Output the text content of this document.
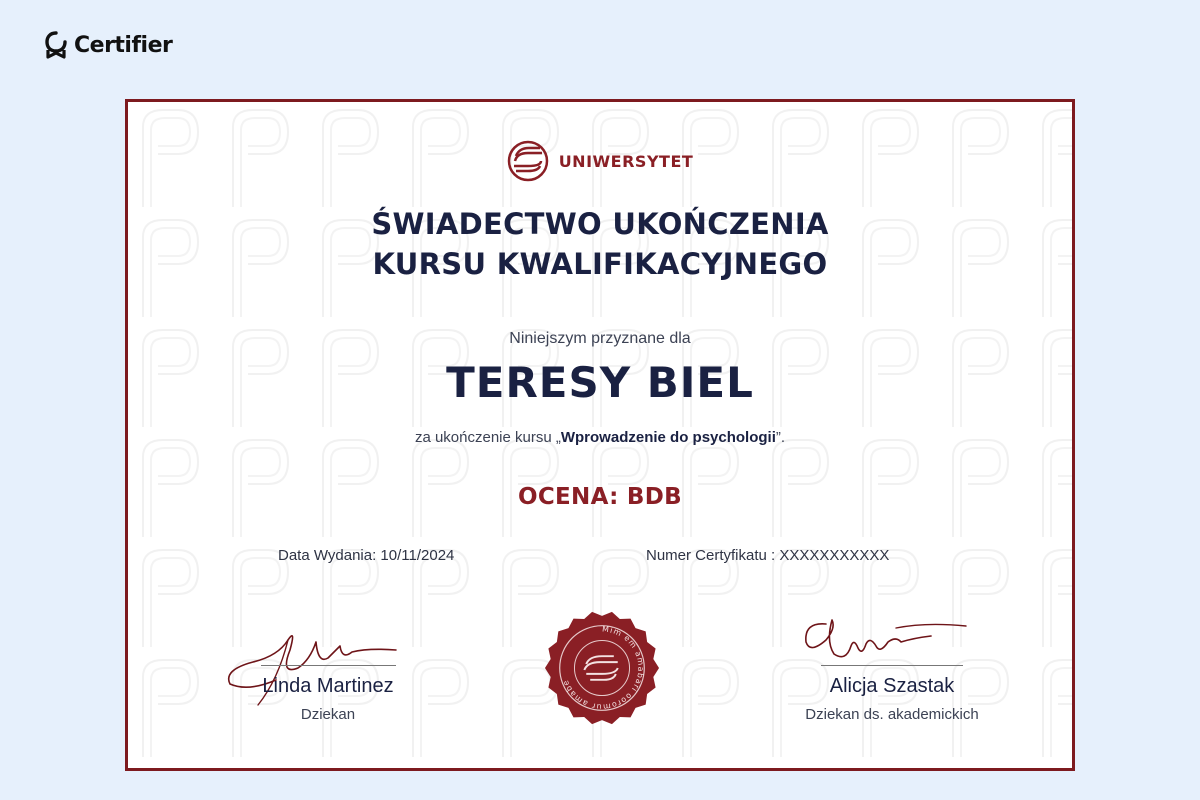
Certifier
UNIWERSYTET
ŚWIADECTWO UKOŃCZENIA
KURSU KWALIFIKACYJNEGO
Niniejszym przyznane dla
TERESY BIEL
za ukończenie kursu „Wprowadzenie do psychologii”.
OCENA: BDB
Data Wydania: 10/11/2024	Numer Certyfikatu : XXXXXXXXXXX
Linda Martinez
Dziekan
Mim em amabari ooromur amabe	Alicja Szastak
Dziekan ds. akademickich
